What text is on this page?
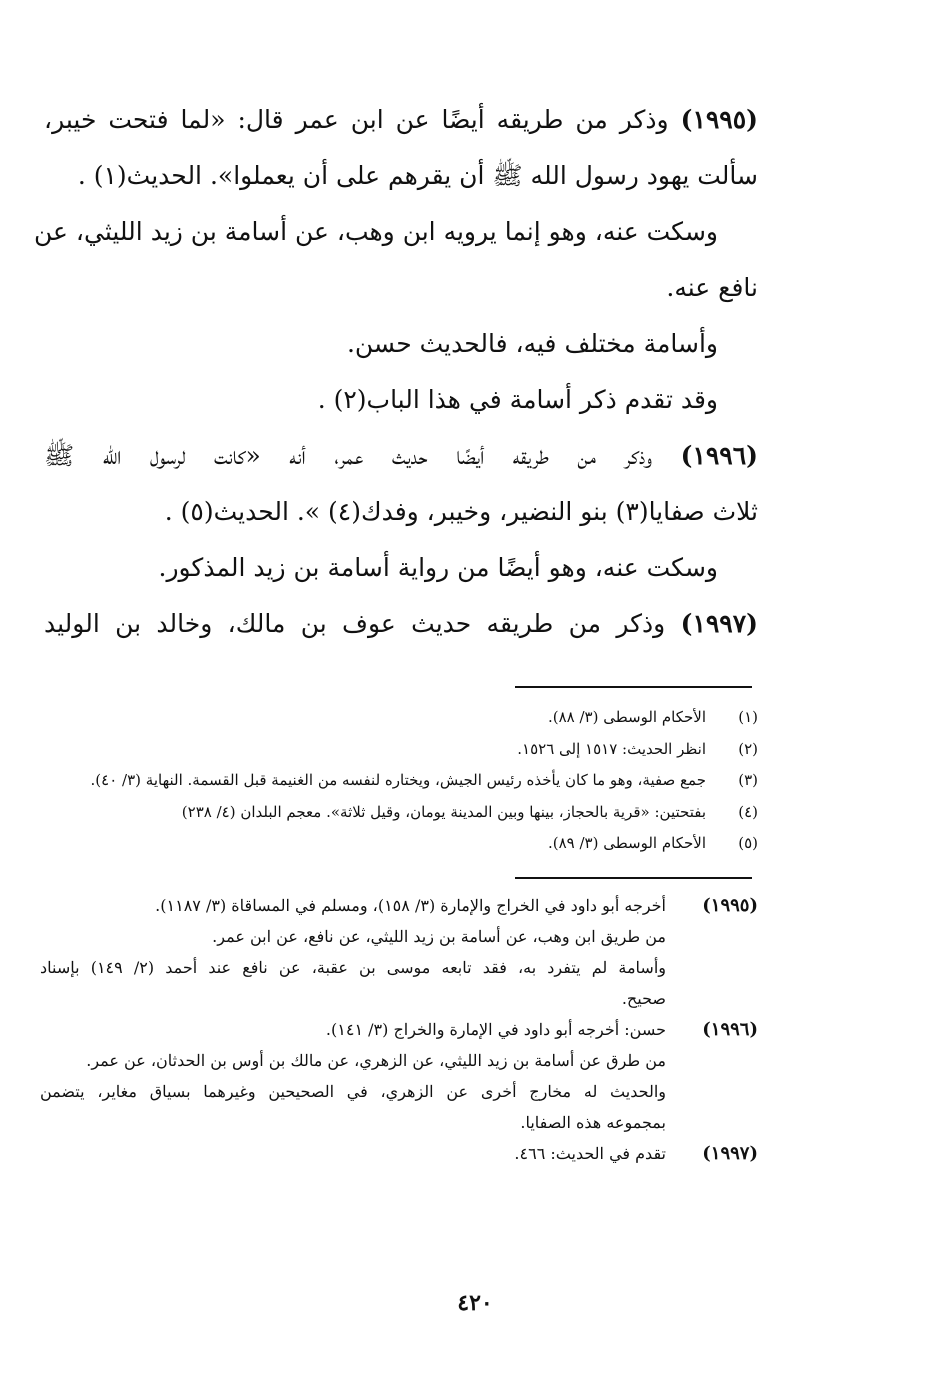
(١٩٩٥) وذكر من طريقه أيضًا عن ابن عمر قال: «لما فتحت خيبر،

سألت يهود رسول الله ﷺ أن يقرهم على أن يعملوا». الحديث(١) .

وسكت عنه، وهو إنما يرويه ابن وهب، عن أسامة بن زيد الليثي، عن

نافع عنه.

وأسامة مختلف فيه، فالحديث حسن.

وقد تقدم ذكر أسامة في هذا الباب(٢) .

(١٩٩٦) وذكر من طريقه أيضًا حديث عمر، أنه «كانت لرسول الله ﷺ

ثلاث صفايا(٣) بنو النضير، وخيبر، وفدك(٤) ». الحديث(٥) .

وسكت عنه، وهو أيضًا من رواية أسامة بن زيد المذكور.

(١٩٩٧) وذكر من طريقه حديث عوف بن مالك، وخالد بن الوليد

(١)الأحكام الوسطى (٣/ ٨٨).
(٢)انظر الحديث: ١٥١٧ إلى ١٥٢٦.
(٣)جمع صفية، وهو ما كان يأخذه رئيس الجيش، ويختاره لنفسه من الغنيمة قبل القسمة. النهاية (٣/ ٤٠).
(٤)بفتحتين: «قرية بالحجاز، بينها وبين المدينة يومان، وقيل ثلاثة». معجم البلدان (٤/ ٢٣٨)
(٥)الأحكام الوسطى (٣/ ٨٩).
(١٩٩٥)أخرجه أبو داود في الخراج والإمارة (٣/ ١٥٨)، ومسلم في المساقاة (٣/ ١١٨٧).
من طريق ابن وهب، عن أسامة بن زيد الليثي، عن نافع، عن ابن عمر.
وأسامة لم يتفرد به، فقد تابعه موسى بن عقبة، عن نافع عند أحمد (٢/ ١٤٩) بإسناد
صحيح.
(١٩٩٦)حسن: أخرجه أبو داود في الإمارة والخراج (٣/ ١٤١).
من طرق عن أسامة بن زيد الليثي، عن الزهري، عن مالك بن أوس بن الحدثان، عن عمر.
والحديث له مخارج أخرى عن الزهري، في الصحيحين وغيرهما بسياق مغاير، يتضمن
بمجموعه هذه الصفايا.
(١٩٩٧)تقدم في الحديث: ٤٦٦.
٤٢٠
